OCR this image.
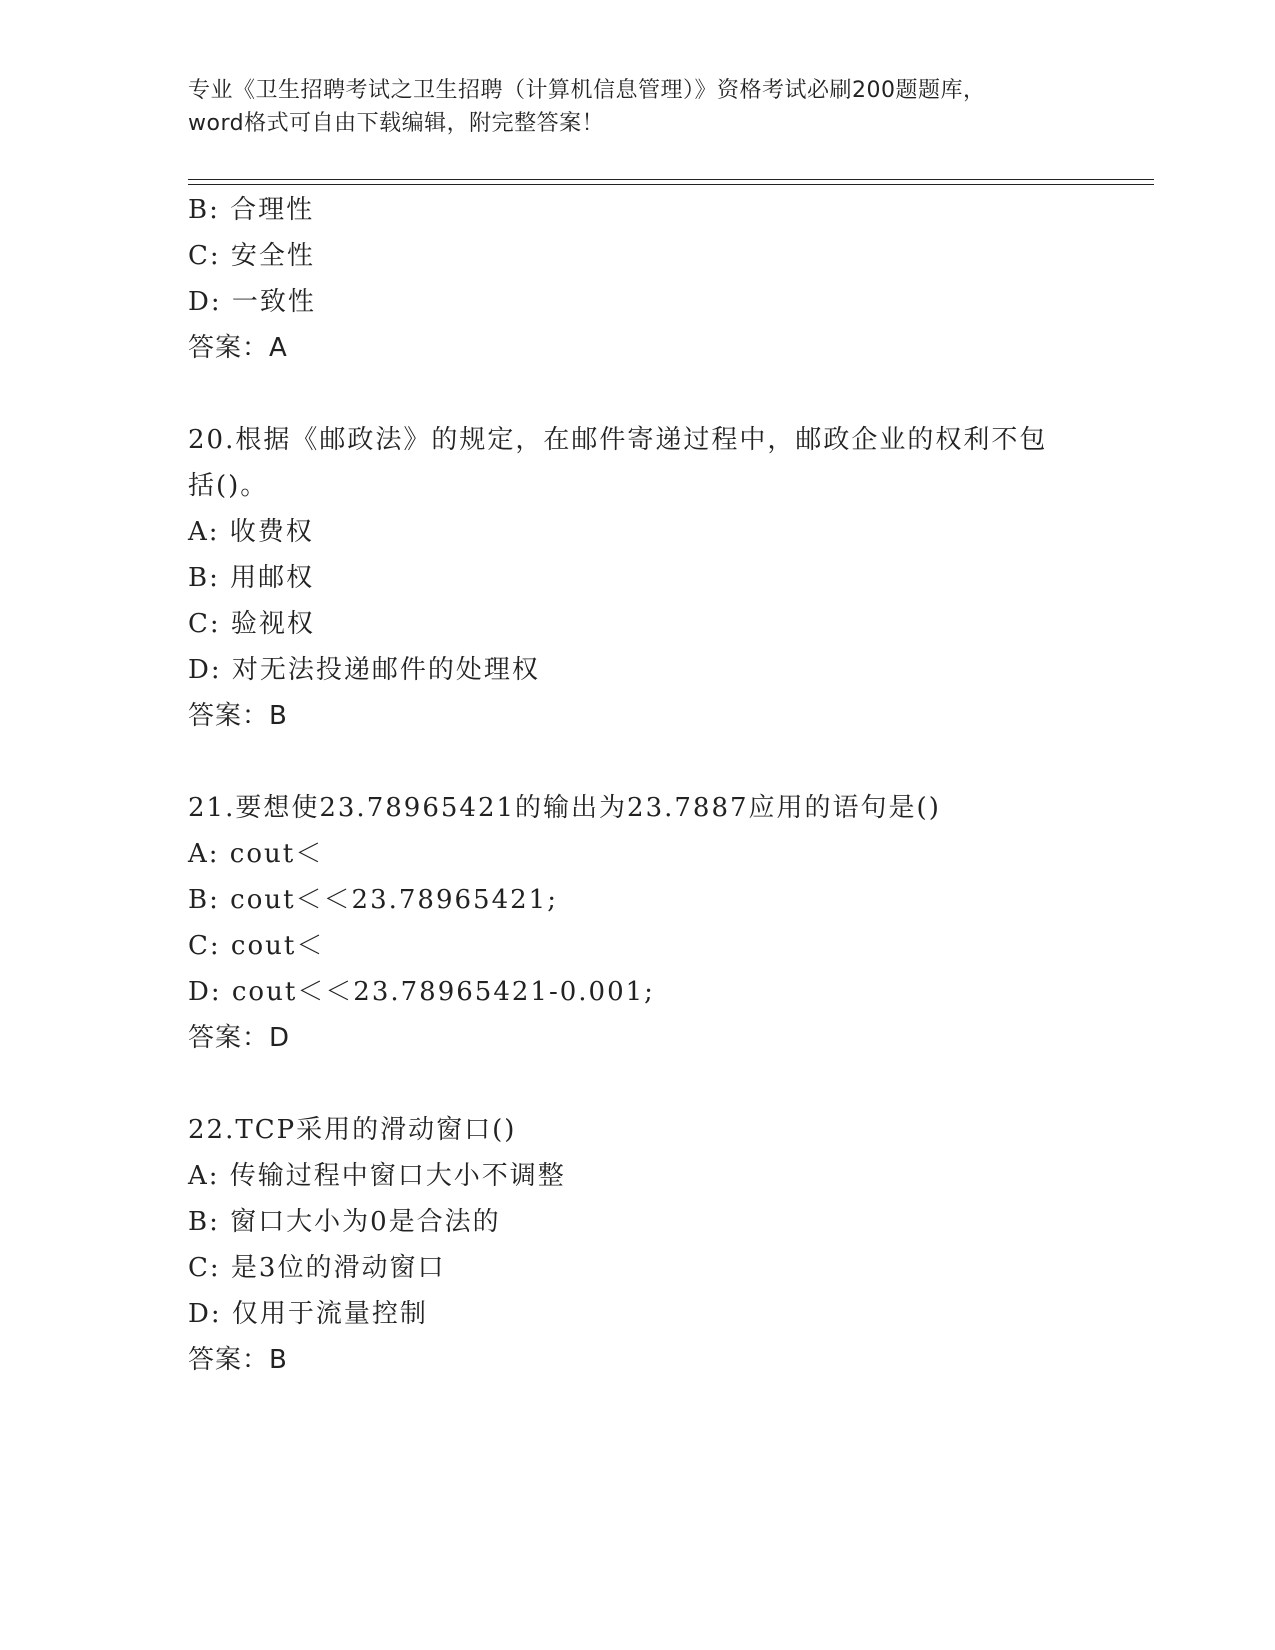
专业《卫生招聘考试之卫生招聘（计算机信息管理）》资格考试必刷200题题库，
word格式可自由下载编辑，附完整答案！
B: 合理性
C: 安全性
D: 一致性
答案：A
20.根据《邮政法》的规定，在邮件寄递过程中，邮政企业的权利不包
括()。
A: 收费权
B: 用邮权
C: 验视权
D: 对无法投递邮件的处理权
答案：B
21.要想使23.78965421的输出为23.7887应用的语句是()
A: cout＜
B: cout＜＜23.78965421;
C: cout＜
D: cout＜＜23.78965421-0.001;
答案：D
22.TCP采用的滑动窗口()
A: 传输过程中窗口大小不调整
B: 窗口大小为0是合法的
C: 是3位的滑动窗口
D: 仅用于流量控制
答案：B
